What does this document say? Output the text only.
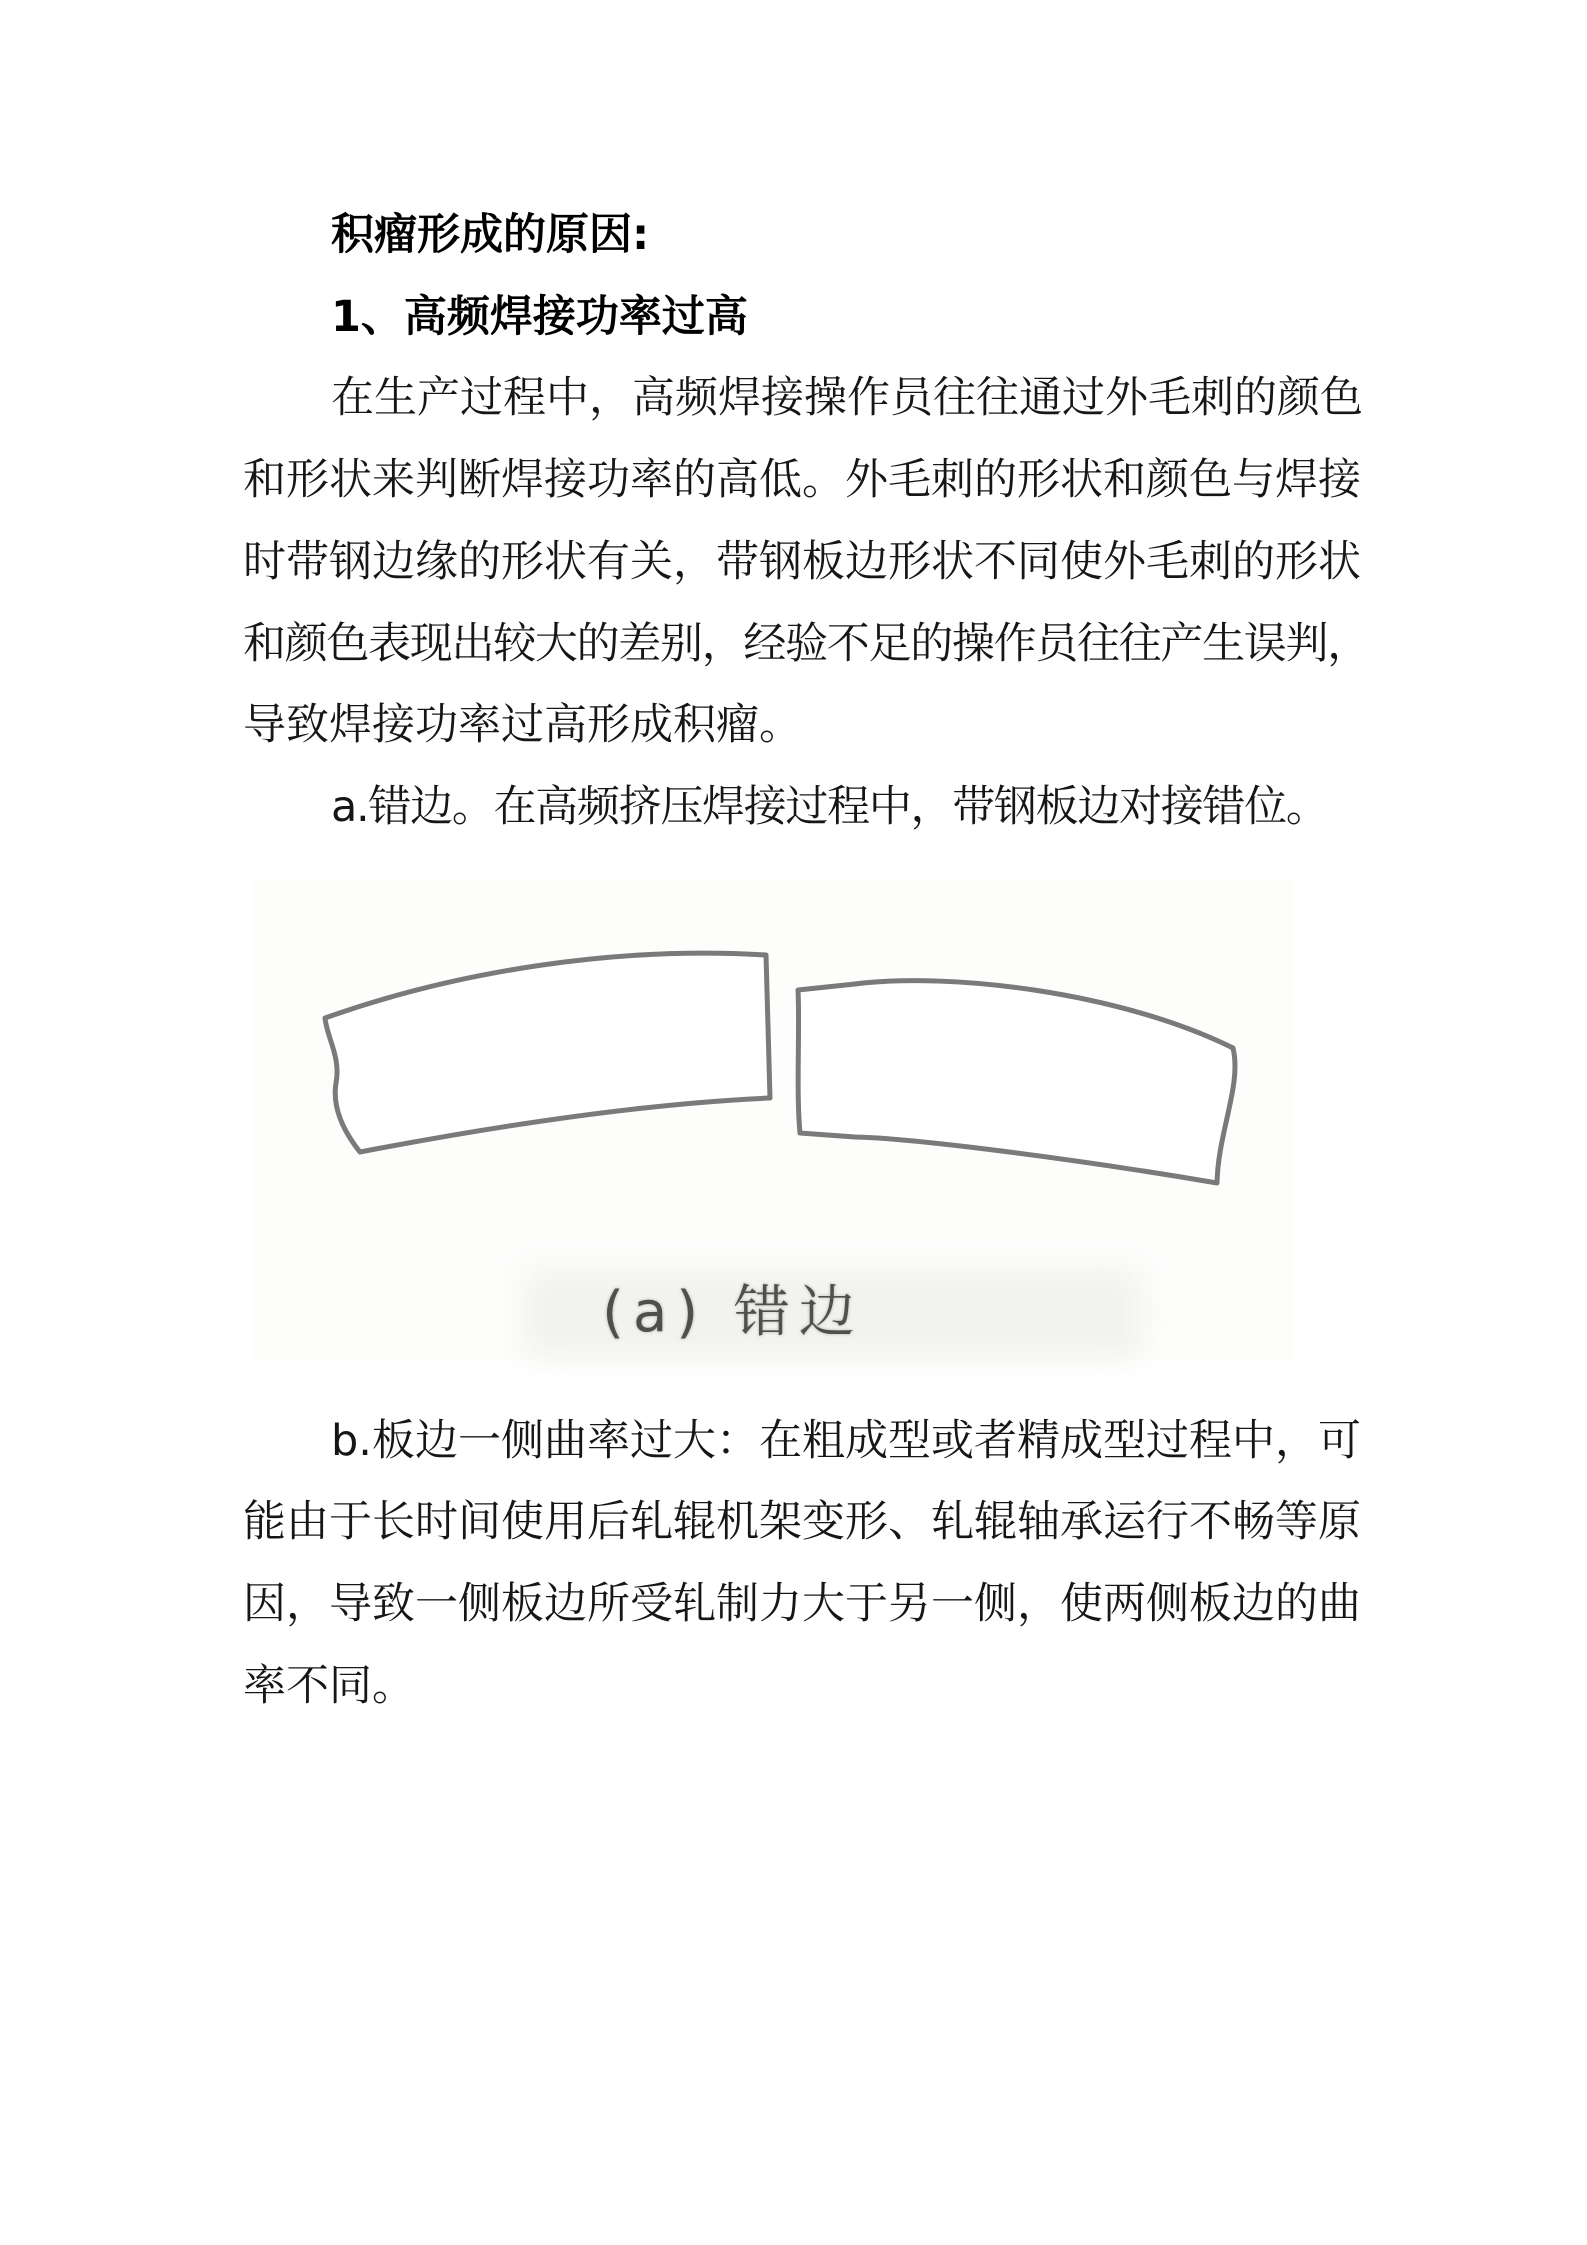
积瘤形成的原因:
1、高频焊接功率过高
在生产过程中，高频焊接操作员往往通过外毛刺的颜色
和形状来判断焊接功率的高低。外毛刺的形状和颜色与焊接
时带钢边缘的形状有关，带钢板边形状不同使外毛刺的形状
和颜色表现出较大的差别，经验不足的操作员往往产生误判，
导致焊接功率过高形成积瘤。
a.错边。在高频挤压焊接过程中，带钢板边对接错位。
(a) 错边
b.板边一侧曲率过大：在粗成型或者精成型过程中，可
能由于长时间使用后轧辊机架变形、轧辊轴承运行不畅等原
因，导致一侧板边所受轧制力大于另一侧，使两侧板边的曲
率不同。
